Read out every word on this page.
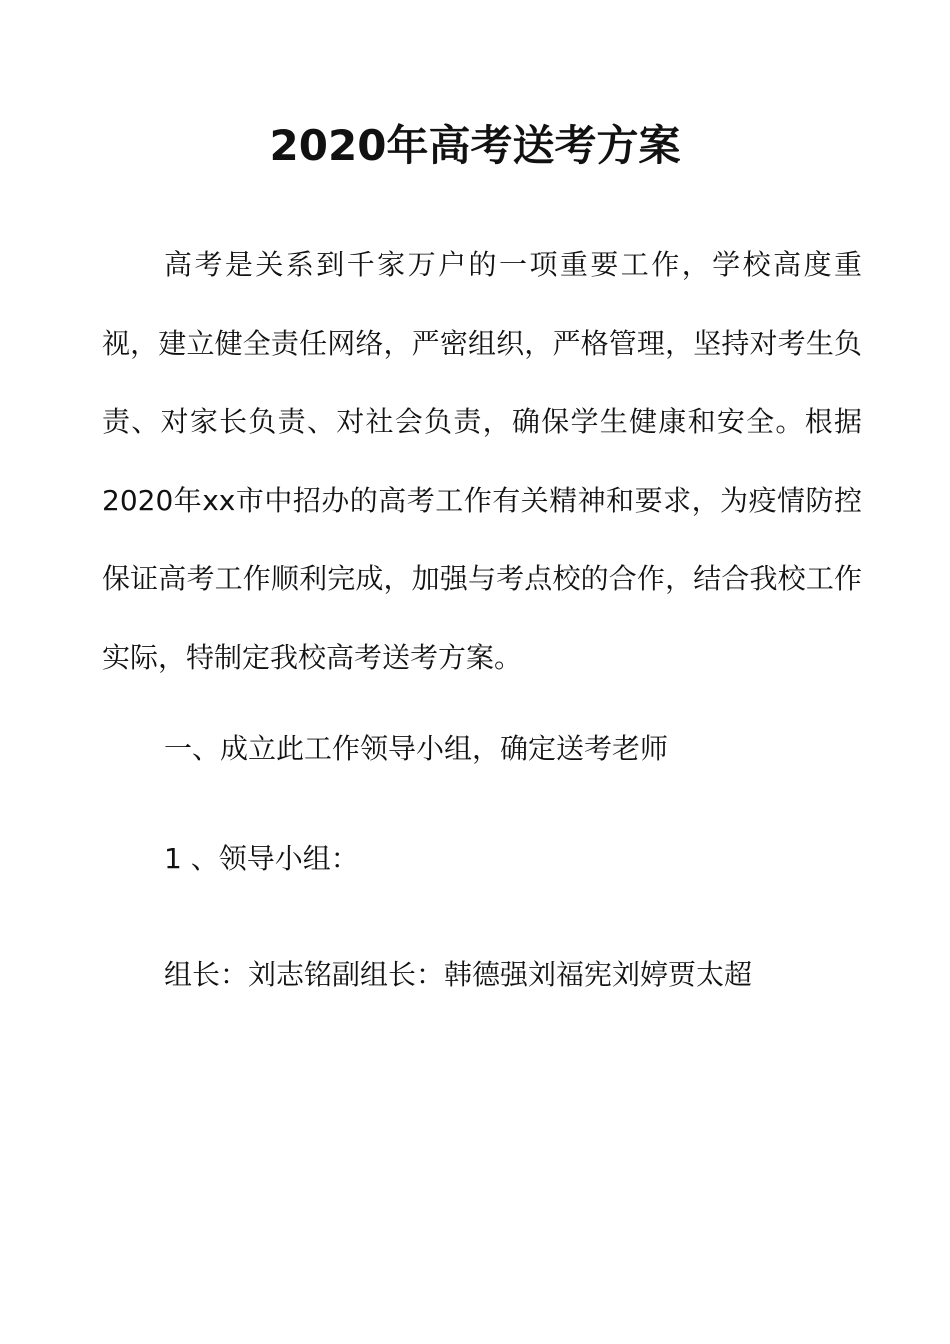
2020年高考送考方案

高考是关系到千家万户的一项重要工作，学校高度重视，建立健全责任网络，严密组织，严格管理，坚持对考生负责、对家长负责、对社会负责，确保学生健康和安全。根据2020年xx市中招办的高考工作有关精神和要求，为疫情防控保证高考工作顺利完成，加强与考点校的合作，结合我校工作实际，特制定我校高考送考方案。

一、成立此工作领导小组，确定送考老师

1 、领导小组：

组长：刘志铭副组长：韩德强刘福宪刘婷贾太超
